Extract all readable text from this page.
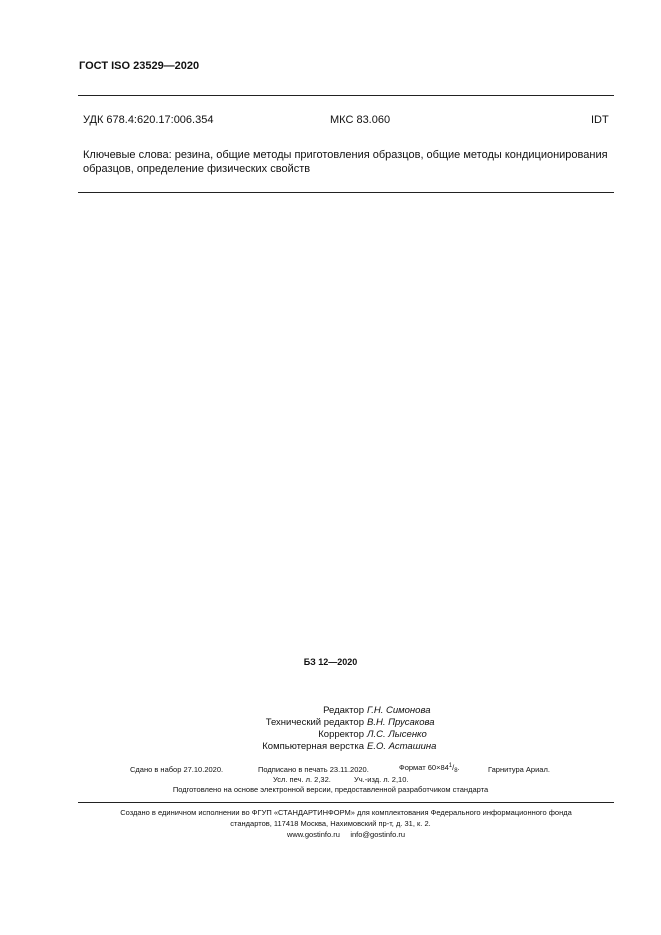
ГОСТ ISO 23529—2020
УДК 678.4:620.17:006.354	МКС 83.060	IDT
Ключевые слова: резина, общие методы приготовления образцов, общие методы кондиционирования образцов, определение физических свойств
БЗ 12—2020
Редактор Г.Н. Симонова
Технический редактор В.Н. Прусакова
Корректор Л.С. Лысенко
Компьютерная верстка Е.О. Асташина
Сдано в набор 27.10.2020.	Подписано в печать 23.11.2020.	Формат $60\times 84^1/_8$.	Гарнитура Ариал.
Усл. печ. л. 2,32.	Уч.-изд. л. 2,10.
Подготовлено на основе электронной версии, предоставленной разработчиком стандарта
Создано в единичном исполнении во ФГУП «СТАНДАРТИНФОРМ» для комплектования Федерального информационного фонда
стандартов, 117418 Москва, Нахимовский пр-т, д. 31, к. 2.
www.gostinfo.ru info@gostinfo.ru
